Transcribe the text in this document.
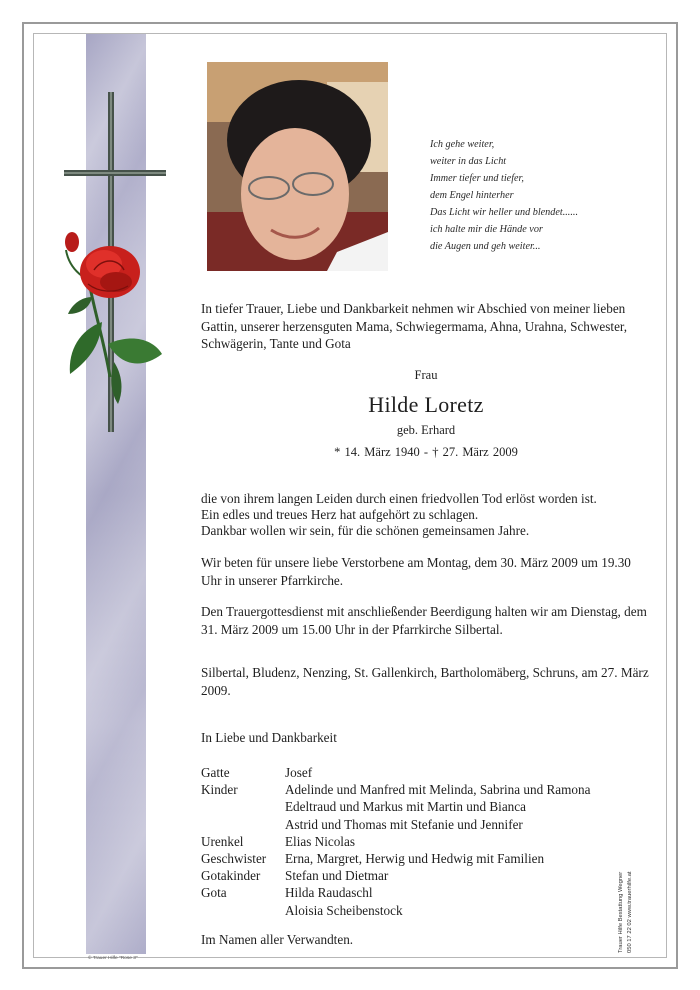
Ich gehe weiter,
weiter in das Licht
Immer tiefer und tiefer,
dem Engel hinterher
Das Licht wir heller und blendet......
ich halte mir die Hände vor
die Augen und geh weiter...
In tiefer Trauer, Liebe und Dankbarkeit nehmen wir Abschied von meiner lieben Gattin, unserer herzensguten Mama, Schwiegermama, Ahna, Urahna, Schwester, Schwägerin, Tante und Gota
Frau
Hilde Loretz
geb. Erhard
* 14. März 1940 - † 27. März 2009
die von ihrem langen Leiden durch einen friedvollen Tod erlöst worden ist.
Ein edles und treues Herz hat aufgehört zu schlagen.
Dankbar wollen wir sein, für die schönen gemeinsamen Jahre.
Wir beten für unsere liebe Verstorbene am Montag, dem 30. März 2009 um 19.30 Uhr in unserer Pfarrkirche.
Den Trauergottesdienst mit anschließender Beerdigung halten wir am Dienstag, dem 31. März 2009 um 15.00 Uhr in der Pfarrkirche Silbertal.
Silbertal, Bludenz, Nenzing, St. Gallenkirch, Bartholomäberg, Schruns, am 27. März 2009.
In Liebe und Dankbarkeit
Gatte	Josef
Kinder	Adelinde und Manfred mit Melinda, Sabrina und Ramona
Edeltraud und Markus mit Martin und Bianca
Astrid und Thomas mit Stefanie und Jennifer
Urenkel	Elias Nicolas
Geschwister	Erna, Margret, Herwig und Hedwig mit Familien
Gotakinder	Stefan und Dietmar
Gota	Hilda Raudaschl
Aloisia Scheibenstock
Im Namen aller Verwandten.	Trauer Hilfe Bestattung Wegner 050 17 22 02 www.trauerhilfe.at
© Trauer Hilfe "Rose 3"
